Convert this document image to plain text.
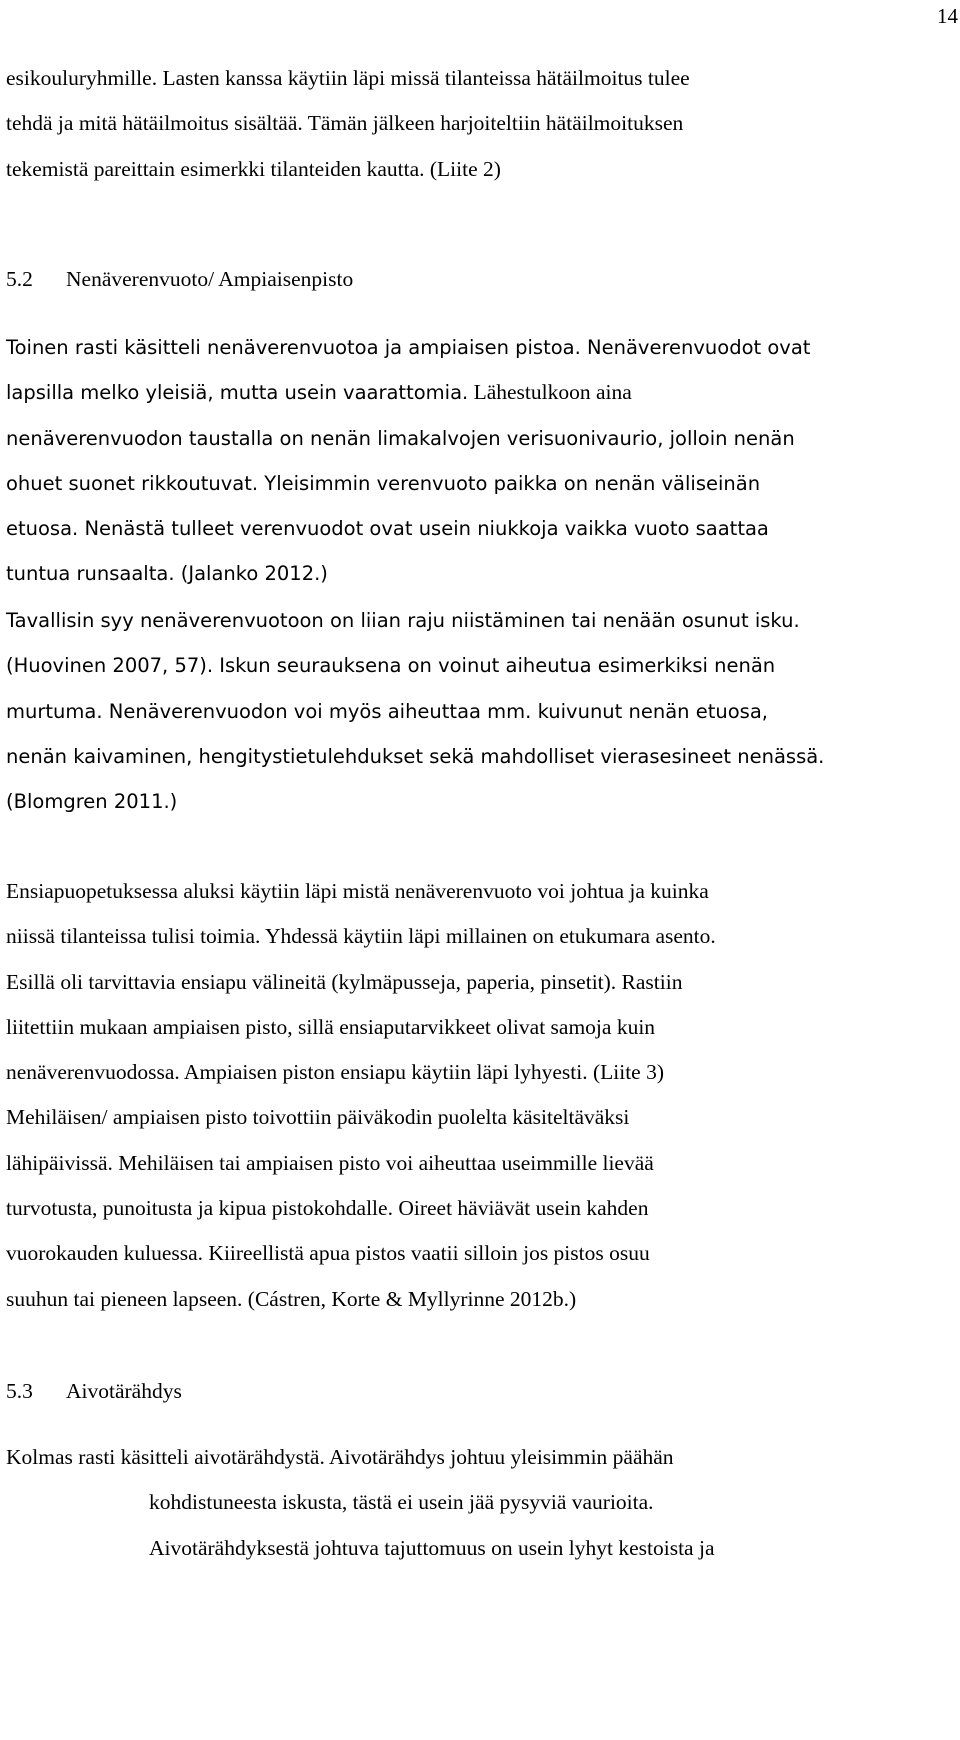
14

esikouluryhmille. Lasten kanssa käytiin läpi missä tilanteissa hätäilmoitus tulee
tehdä ja mitä hätäilmoitus sisältää. Tämän jälkeen harjoiteltiin hätäilmoituksen
tekemistä pareittain esimerkki tilanteiden kautta. (Liite 2)

5.2 Nenäverenvuoto/ Ampiaisenpisto

Toinen rasti käsitteli nenäverenvuotoa ja ampiaisen pistoa. Nenäverenvuodot ovat
lapsilla melko yleisiä, mutta usein vaarattomia. Lähestulkoon aina
nenäverenvuodon taustalla on nenän limakalvojen verisuonivaurio, jolloin nenän
ohuet suonet rikkoutuvat. Yleisimmin verenvuoto paikka on nenän väliseinän
etuosa. Nenästä tulleet verenvuodot ovat usein niukkoja vaikka vuoto saattaa
tuntua runsaalta. (Jalanko 2012.)

Tavallisin syy nenäverenvuotoon on liian raju niistäminen tai nenään osunut isku.
(Huovinen 2007, 57). Iskun seurauksena on voinut aiheutua esimerkiksi nenän
murtuma. Nenäverenvuodon voi myös aiheuttaa mm. kuivunut nenän etuosa,
nenän kaivaminen, hengitystietulehdukset sekä mahdolliset vierasesineet nenässä.
(Blomgren 2011.)

Ensiapuopetuksessa aluksi käytiin läpi mistä nenäverenvuoto voi johtua ja kuinka
niissä tilanteissa tulisi toimia. Yhdessä käytiin läpi millainen on etukumara asento.
Esillä oli tarvittavia ensiapu välineitä (kylmäpusseja, paperia, pinsetit). Rastiin
liitettiin mukaan ampiaisen pisto, sillä ensiaputarvikkeet olivat samoja kuin
nenäverenvuodossa. Ampiaisen piston ensiapu käytiin läpi lyhyesti. (Liite 3)
Mehiläisen/ ampiaisen pisto toivottiin päiväkodin puolelta käsiteltäväksi
lähipäivissä. Mehiläisen tai ampiaisen pisto voi aiheuttaa useimmille lievää
turvotusta, punoitusta ja kipua pistokohdalle. Oireet häviävät usein kahden
vuorokauden kuluessa. Kiireellistä apua pistos vaatii silloin jos pistos osuu
suuhun tai pieneen lapseen. (Cástren, Korte & Myllyrinne 2012b.)

5.3 Aivotärähdys

Kolmas rasti käsitteli aivotärähdystä. Aivotärähdys johtuu yleisimmin päähän
kohdistuneesta iskusta, tästä ei usein jää pysyviä vaurioita.
Aivotärähdyksestä johtuva tajuttomuus on usein lyhyt kestoista ja
